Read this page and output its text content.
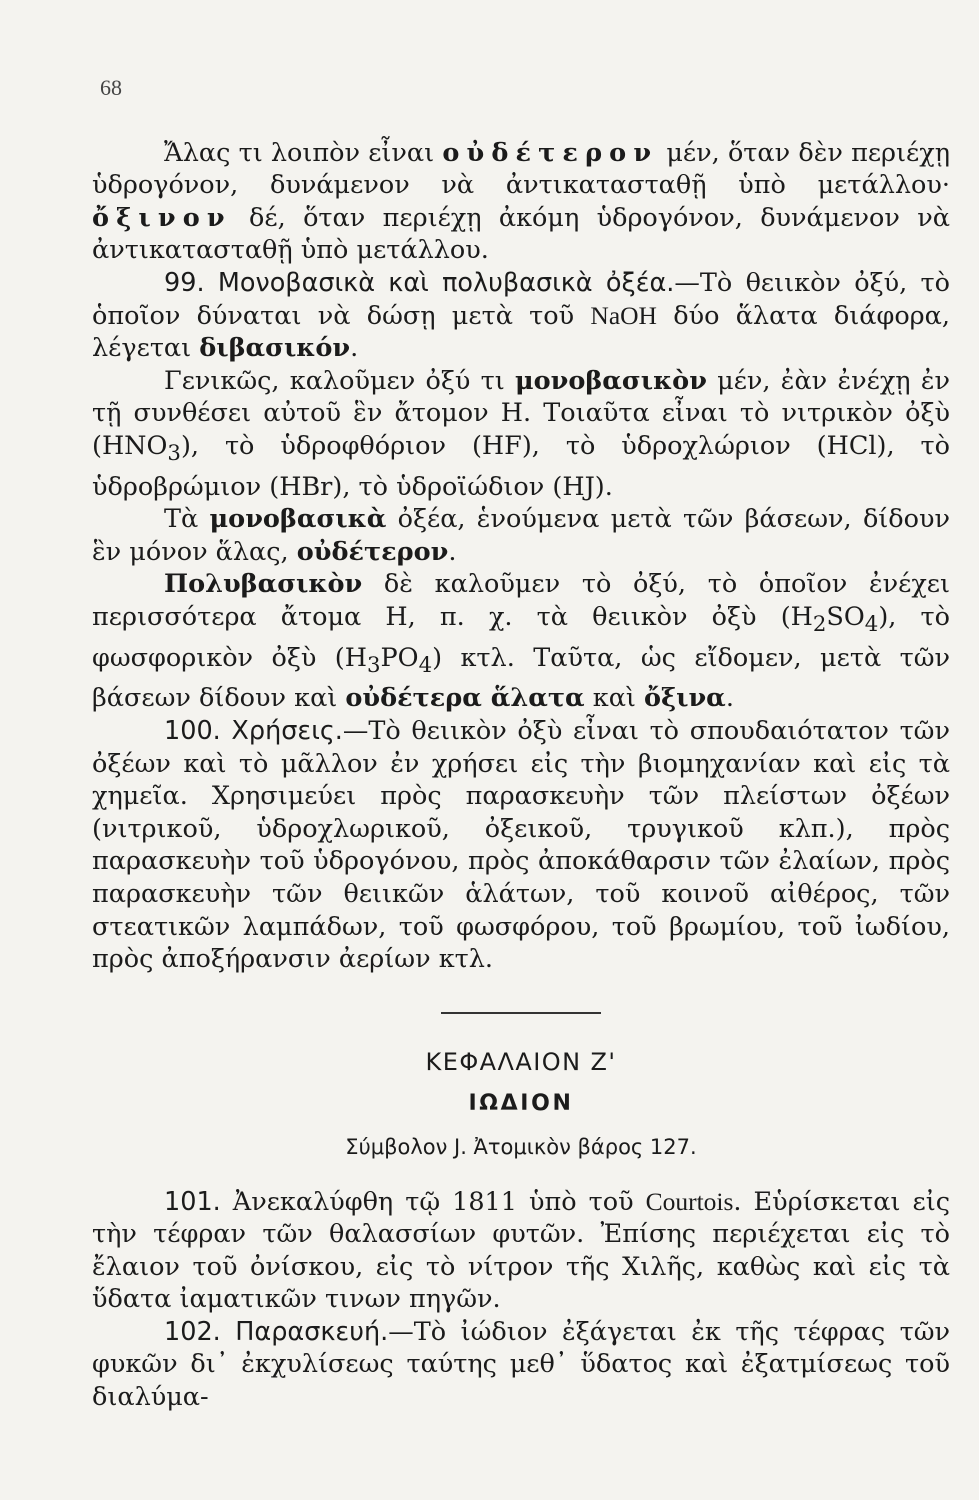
68

Ἄλας τι λοιπὸν εἶναι οὐδέτερον μέν, ὅταν δὲν περιέχῃ ὑδρογόνον, δυνάμενον νὰ ἀντικατασταθῇ ὑπὸ μετάλλου· ὄξινον δέ, ὅταν περιέχῃ ἀκόμη ὑδρογόνον, δυνάμενον νὰ ἀντικατασταθῇ ὑπὸ μετάλλου.

99. Μονοβασικὰ καὶ πολυβασικὰ ὀξέα.—Τὸ θειικὸν ὀξύ, τὸ ὁποῖον δύναται νὰ δώσῃ μετὰ τοῦ NaOH δύο ἅλατα διάφορα, λέγεται διβασικόν.

Γενικῶς, καλοῦμεν ὀξύ τι μονοβασικὸν μέν, ἐὰν ἐνέχῃ ἐν τῇ συνθέσει αὐτοῦ ἓν ἄτομον Η. Τοιαῦτα εἶναι τὸ νιτρικὸν ὀξὺ $(HNO_3)$, τὸ ὑδροφθόριον (HF), τὸ ὑδροχλώριον (HCl), τὸ ὑδροβρώμιον (HBr), τὸ ὑδροϊώδιον (HJ).

Τὰ μονοβασικὰ ὀξέα, ἑνούμενα μετὰ τῶν βάσεων, δίδουν ἓν μόνον ἅλας, οὐδέτερον.

Πολυβασικὸν δὲ καλοῦμεν τὸ ὀξύ, τὸ ὁποῖον ἐνέχει περισσότερα ἄτομα Η, π. χ. τὰ θειικὸν ὀξὺ $(H_2SO_4)$, τὸ φωσφορικὸν ὀξὺ $(H_3PO_4)$ κτλ. Ταῦτα, ὡς εἴδομεν, μετὰ τῶν βάσεων δίδουν καὶ οὐδέτερα ἅλατα καὶ ὄξινα.

100. Χρήσεις.—Τὸ θειικὸν ὀξὺ εἶναι τὸ σπουδαιότατον τῶν ὀξέων καὶ τὸ μᾶλλον ἐν χρήσει εἰς τὴν βιομηχανίαν καὶ εἰς τὰ χημεῖα. Χρησιμεύει πρὸς παρασκευὴν τῶν πλείστων ὀξέων (νιτρικοῦ, ὑδροχλωρικοῦ, ὀξεικοῦ, τρυγικοῦ κλπ.), πρὸς παρασκευὴν τοῦ ὑδρογόνου, πρὸς ἀποκάθαρσιν τῶν ἐλαίων, πρὸς παρασκευὴν τῶν θειικῶν ἁλάτων, τοῦ κοινοῦ αἰθέρος, τῶν στεατικῶν λαμπάδων, τοῦ φωσφόρου, τοῦ βρωμίου, τοῦ ἰωδίου, πρὸς ἀποξήρανσιν ἀερίων κτλ.

ΚΕΦΑΛΑΙΟΝ Ζ'
ΙΩΔΙΟΝ
Σύμβολον J. Ἀτομικὸν βάρος 127.

101. Ἀνεκαλύφθη τῷ 1811 ὑπὸ τοῦ Courtois. Εὑρίσκεται εἰς τὴν τέφραν τῶν θαλασσίων φυτῶν. Ἐπίσης περιέχεται εἰς τὸ ἔλαιον τοῦ ὀνίσκου, εἰς τὸ νίτρον τῆς Χιλῆς, καθὼς καὶ εἰς τὰ ὕδατα ἰαματικῶν τινων πηγῶν.

102. Παρασκευή.—Τὸ ἰώδιον ἐξάγεται ἐκ τῆς τέφρας τῶν φυκῶν δι᾽ ἐκχυλίσεως ταύτης μεθ᾽ ὕδατος καὶ ἐξατμίσεως τοῦ διαλύμα-
